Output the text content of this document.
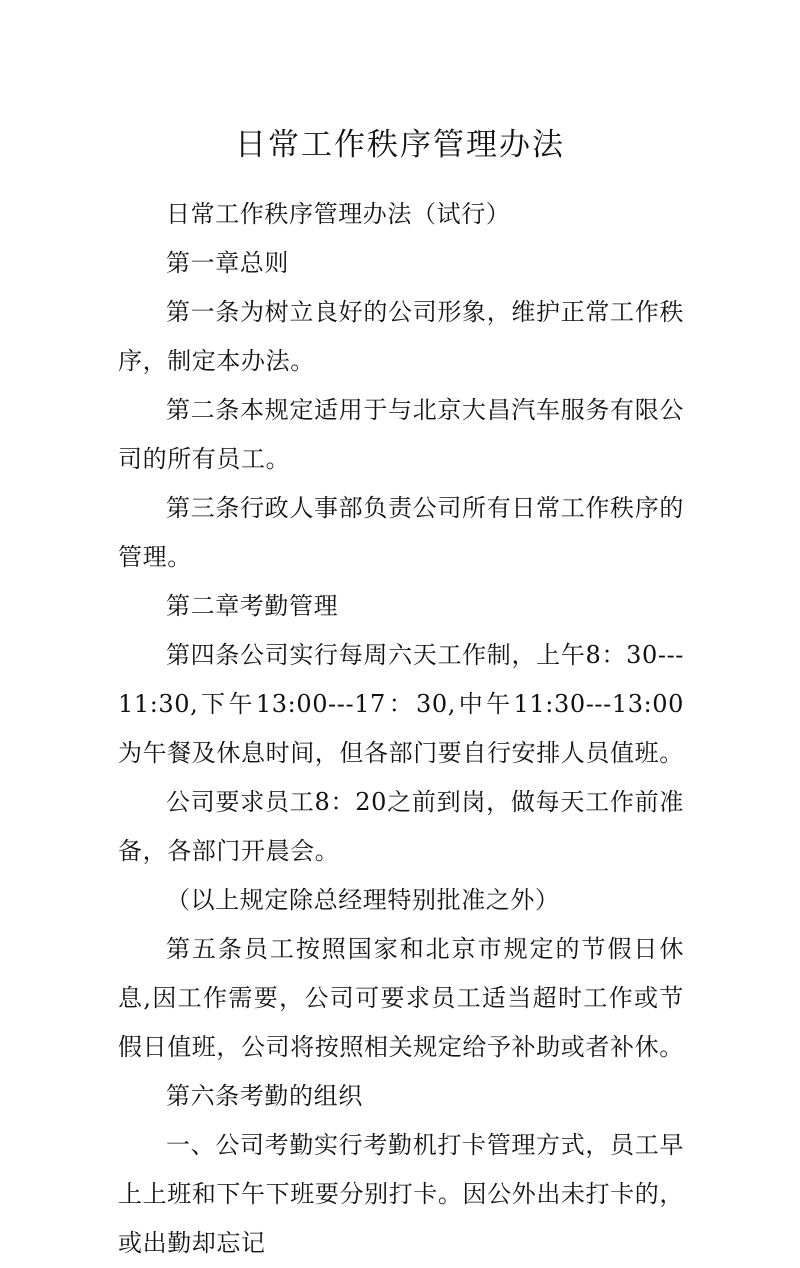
日常工作秩序管理办法

日常工作秩序管理办法（试行）

第一章总则

第一条为树立良好的公司形象，维护正常工作秩序，制定本办法。

第二条本规定适用于与北京大昌汽车服务有限公司的所有员工。

第三条行政人事部负责公司所有日常工作秩序的管理。

第二章考勤管理

第四条公司实行每周六天工作制，上午8：30---11:30,下午13:00---17：30,中午11:30---13:00为午餐及休息时间，但各部门要自行安排人员值班。

公司要求员工8：20之前到岗，做每天工作前准备，各部门开晨会。

（以上规定除总经理特别批准之外）

第五条员工按照国家和北京市规定的节假日休息,因工作需要，公司可要求员工适当超时工作或节假日值班，公司将按照相关规定给予补助或者补休。

第六条考勤的组织

一、公司考勤实行考勤机打卡管理方式，员工早上上班和下午下班要分别打卡。因公外出未打卡的，或出勤却忘记
